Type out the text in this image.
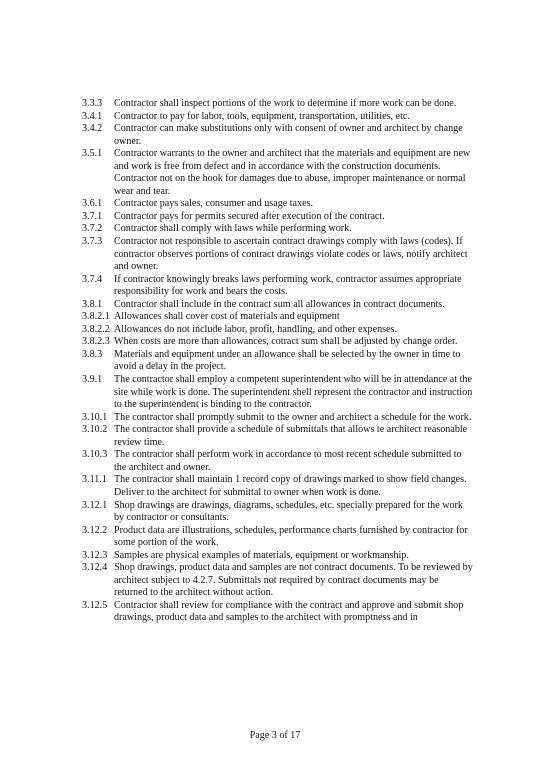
3.3.3	Contractor shall inspect portions of the work to determine if more work can be done.
3.4.1	Contractor to pay for labor, tools, equipment, transportation, utilities, etc.
3.4.2	Contractor can make substitutions only with consent of owner and architect by change owner.
3.5.1	Contractor warrants to the owner and architect that the materials and equipment are new and work is free from defect and in accordance with the construction documents. Contractor not on the hook for damages due to abuse, improper maintenance or normal wear and tear.
3.6.1	Contractor pays sales, consumer and usage taxes.
3.7.1	Contractor pays for permits secured after execution of the contract.
3.7.2	Contractor shall comply with laws while performing work.
3.7.3	Contractor not responsible to ascertain contract drawings comply with laws (codes). If contractor observes portions of contract drawings violate codes or laws, notify architect and owner.
3.7.4	If contractor knowingly breaks laws performing work, contractor assumes appropriate responsibility for work and bears the costs.
3.8.1	Contractor shall include in the contract sum all allowances in contract documents.
3.8.2.1 Allowances shall cover cost of materials and equipment
3.8.2.2 Allowances do not include labor, profit, handling, and other expenses.
3.8.2.3 When costs are more than allowances, cotract sum shall be adjusted by change order.
3.8.3	Materials and equipment under an allowance shall be selected by the owner in time to avoid a delay in the project.
3.9.1	The contractor shall employ a competent superintendent who will be in attendance at the site while work is done. The superintendent shell represent the contractor and instruction to the superintendent is binding to the contractor.
3.10.1 The contractor shall promptly submit to the owner and architect a schedule for the work.
3.10.2 The contractor shall provide a schedule of submittals that allows te architect reasonable review time.
3.10.3 The contractor shall perform work in accordance to most recent schedule submitted to the architect and owner.
3.11.1 The contractor shall maintain 1 record copy of drawings marked to show field changes. Deliver to the architect for submittal to owner when work is done.
3.12.1 Shop drawings are drawings, diagrams, schedules, etc. specially prepared for the work by contractor or consultants.
3.12.2 Product data are illustrations, schedules, performance charts furnished by contractor for some portion of the work.
3.12.3 Samples are physical examples of materials, equipment or workmanship.
3.12.4 Shop drawings, product data and samples are not contract documents. To be reviewed by architect subject to 4.2.7. Submittals not required by contract documents may be returned to the architect without action.
3.12.5 Contractor shall review for compliance with the contract and approve and submit shop drawings, product data and samples to the architect with promptness and in
Page 3 of 17
